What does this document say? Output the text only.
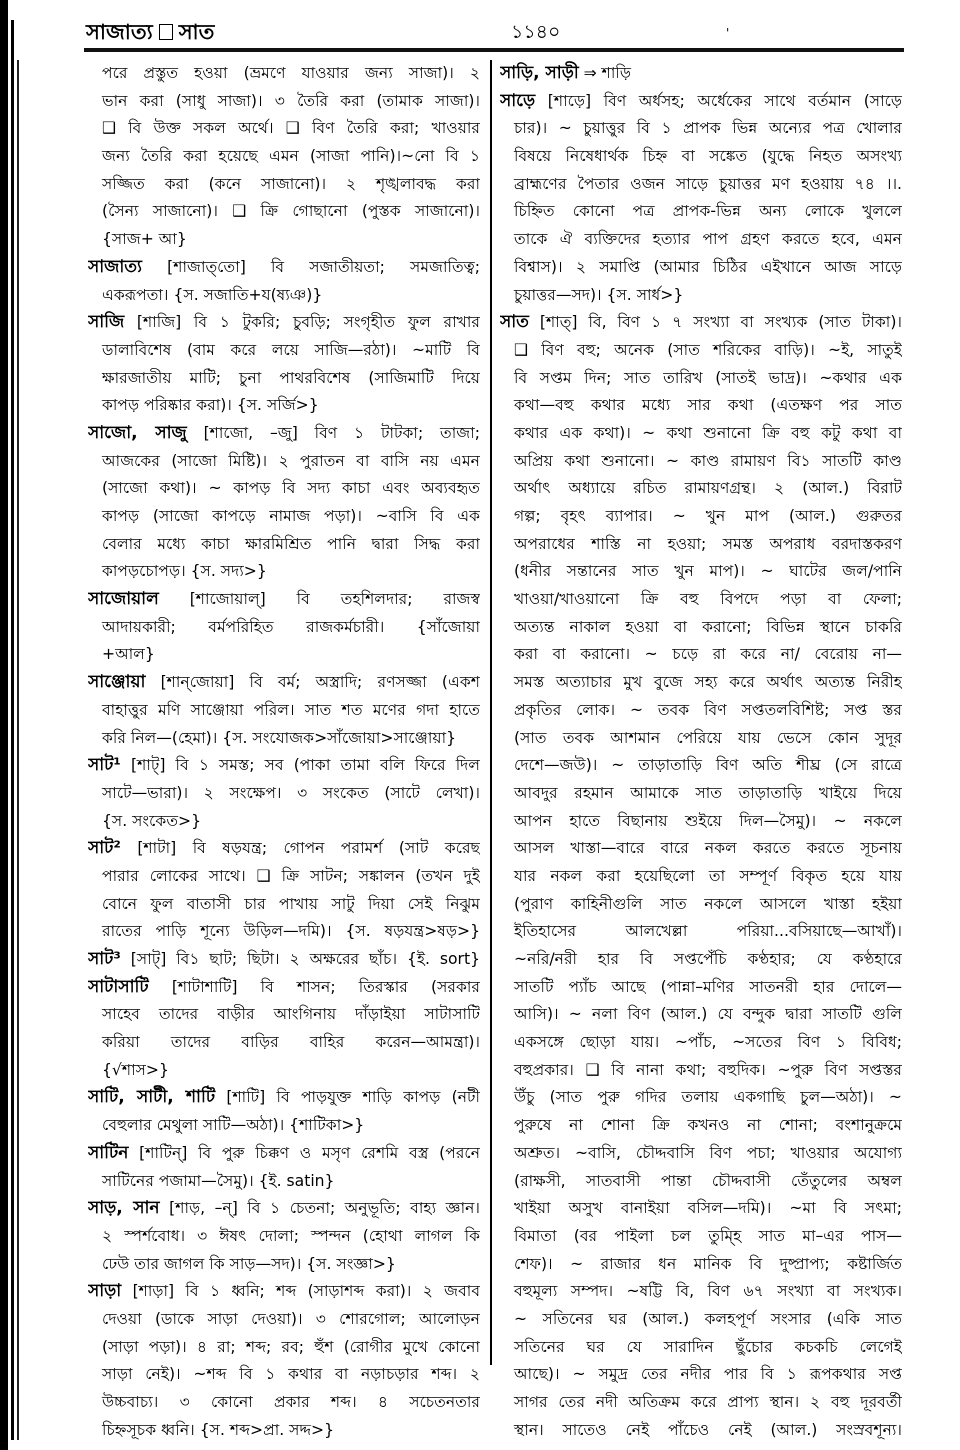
সাজাত্য সাত	১১৪০	'
পরে প্রস্তুত হওয়া (ভ্রমণে যাওয়ার জন্য সাজা)। ২
ভান করা (সাধু সাজা)। ৩ তৈরি করা (তামাক সাজা)।
❑ বি উক্ত সকল অর্থে। ❑ বিণ তৈরি করা; খাওয়ার
জন্য তৈরি করা হয়েছে এমন (সাজা পানি)।~নো বি ১
সজ্জিত করা (কনে সাজানো)। ২ শৃঙ্খলাবদ্ধ করা
(সৈন্য সাজানো)। ❑ ক্রি গোছানো (পুস্তক সাজানো)।
{সাজ+ আ}
সাজাত্য [শাজাত্‌তো] বি সজাতীয়তা; সমজাতিত্ব;
একরূপতা। {স. সজাতি+য(ষ্যঞ)}
সাজি [শাজি] বি ১ টুকরি; চুবড়ি; সংগৃহীত ফুল রাখার
ডালাবিশেষ (বাম করে লয়ে সাজি—রঠা)। ~মাটি বি
ক্ষারজাতীয় মাটি; চুনা পাথরবিশেষ (সাজিমাটি দিয়ে
কাপড় পরিষ্কার করা)। {স. সর্জি>}
সাজো, সাজু [শাজো, –জু] বিণ ১ টাটকা; তাজা;
আজকের (সাজো মিষ্টি)। ২ পুরাতন বা বাসি নয় এমন
(সাজো কথা)। ~ কাপড় বি সদ্য কাচা এবং অব্যবহৃত
কাপড় (সাজো কাপড়ে নামাজ পড়া)। ~বাসি বি এক
বেলার মধ্যে কাচা ক্ষারমিশ্রিত পানি দ্বারা সিদ্ধ করা
কাপড়চোপড়। {স. সদ্য>}
সাজোয়াল [শাজোয়াল্‌] বি তহশিলদার; রাজস্ব
আদায়কারী; বর্মপরিহিত রাজকর্মচারী। {সাঁজোয়া
+আল}
সাঞ্জোয়া [শান্‌জোয়া] বি বর্ম; অস্ত্রাদি; রণসজ্জা (একশ
বাহাত্তুর মণি সাঞ্জোয়া পরিল। সাত শত মণের গদা হাতে
করি নিল—(হেমা)। {স. সংযোজক>সাঁজোয়া>সাঞ্জোয়া}
সাট¹ [শাট্‌] বি ১ সমস্ত; সব (পাকা তামা বলি ফিরে দিল
সাটে—ভারা)। ২ সংক্ষেপ। ৩ সংকেত (সাটে লেখা)।
{স. সংকেত>}
সাট² [শাটা] বি ষড়যন্ত্র; গোপন পরামর্শ (সাট করেছ
পারার লোকের সাথে। ❑ ক্রি সাটন; সঙ্কালন (তখন দুই
বোনে ফুল বাতাসী চার পাখায় সাটু দিয়া সেই নিঝুম
রাতের পাড়ি শূন্যে উড়িল—দমি)। {স. ষড়যন্ত্র>ষড়>}
সাট³ [সাট্‌] বি১ ছাট; ছিটা। ২ অক্ষরের ছাঁচ। {ই. sort}
সাটাসাটি [শাটাশাটি] বি শাসন; তিরস্কার (সরকার
সাহেব তাদের বাড়ীর আংগিনায় দাঁড়াইয়া সাটাসাটি
করিয়া তাদের বাড়ির বাহির করেন—আমন্ত্রা)।
{√শাস>}
সাটি, সাটী, শাটি [শাটি] বি পাড়যুক্ত শাড়ি কাপড় (নটী
বেহুলার মেথুলা সাটি—অঠা)। {শাটিকা>}
সাটিন [শাটিন্‌] বি পুরু চিক্কণ ও মসৃণ রেশমি বস্ত্র (পরনে
সাটিনের পজামা—সৈমু)। {ই. satin}
সাড়, সান [শাড়, –ন্‌] বি ১ চেতনা; অনুভূতি; বাহ্য জ্ঞান।
২ স্পর্শবোধ। ৩ ঈষৎ দোলা; স্পন্দন (হোথা লাগল কি
ঢেউ তার জাগল কি সাড়—সদ)। {স. সংজ্ঞা>}
সাড়া [শাড়া] বি ১ ধ্বনি; শব্দ (সাড়াশব্দ করা)। ২ জবাব
দেওয়া (ডাকে সাড়া দেওয়া)। ৩ শোরগোল; আলোড়ন
(সাড়া পড়া)। ৪ রা; শব্দ; রব; হুঁশ (রোগীর মুখে কোনো
সাড়া নেই)। ~শব্দ বি ১ কথার বা নড়াচড়ার শব্দ। ২
উচ্চবাচ্য। ৩ কোনো প্রকার শব্দ। ৪ সচেতনতার
চিহ্নসূচক ধ্বনি। {স. শব্দ>প্রা. সদ্দ>}
সাড়ি, সাড়ী ⇒ শাড়ি
সাড়ে [শাড়ে] বিণ অর্ধসহ; অর্ধেকের সাথে বর্তমান (সাড়ে
চার)। ~ চুয়াত্তুর বি ১ প্রাপক ভিন্ন অন্যের পত্র খোলার
বিষয়ে নিষেধার্থক চিহ্ন বা সঙ্কেত (যুদ্ধে নিহত অসংখ্য
ব্রাহ্মণের পৈতার ওজন সাড়ে চুয়াত্তর মণ হওয়ায় ৭৪ ।।.
চিহ্নিত কোনো পত্র প্রাপক-ভিন্ন অন্য লোকে খুললে
তাকে ঐ ব্যক্তিদের হত্যার পাপ গ্রহণ করতে হবে, এমন
বিশ্বাস)। ২ সমাপ্তি (আমার চিঠির এইখানে আজ সাড়ে
চুয়াত্তর—সদ)। {স. সার্ধ>}
সাত [শাত্‌] বি, বিণ ১ ৭ সংখ্যা বা সংখ্যক (সাত টাকা)।
❑ বিণ বহু; অনেক (সাত শরিকের বাড়ি)। ~ই, সাতুই
বি সপ্তম দিন; সাত তারিখ (সাতই ভাদ্র)। ~কথার এক
কথা—বহু কথার মধ্যে সার কথা (এতক্ষণ পর সাত
কথার এক কথা)। ~ কথা শুনানো ক্রি বহু কটু কথা বা
অপ্রিয় কথা শুনানো। ~ কাণ্ড রামায়ণ বি১ সাতটি কাণ্ড
অর্থাৎ অধ্যায়ে রচিত রামায়ণগ্রন্থ। ২ (আল.) বিরাট
গল্প; বৃহৎ ব্যাপার। ~ খুন মাপ (আল.) গুরুতর
অপরাধের শাস্তি না হওয়া; সমস্ত অপরাধ বরদাস্তকরণ
(ধনীর সন্তানের সাত খুন মাপ)। ~ ঘাটের জল/পানি
খাওয়া/খাওয়ানো ক্রি বহু বিপদে পড়া বা ফেলা;
অত্যন্ত নাকাল হওয়া বা করানো; বিভিন্ন স্থানে চাকরি
করা বা করানো। ~ চড়ে রা করে না/ বেরোয় না—
সমস্ত অত্যাচার মুখ বুজে সহ্য করে অর্থাৎ অত্যন্ত নিরীহ
প্রকৃতির লোক। ~ তবক বিণ সপ্ততলবিশিষ্ট; সপ্ত স্তর
(সাত তবক আশমান পেরিয়ে যায় ভেসে কোন সুদূর
দেশে—জউ)। ~ তাড়াতাড়ি বিণ অতি শীঘ্র (সে রাত্রে
আবদুর রহমান আমাকে সাত তাড়াতাড়ি খাইয়ে দিয়ে
আপন হাতে বিছানায় শুইয়ে দিল—সৈমু)। ~ নকলে
আসল খাস্তা—বারে বারে নকল করতে করতে সূচনায়
যার নকল করা হয়েছিলো তা সম্পূর্ণ বিকৃত হয়ে যায়
(পুরাণ কাহিনীগুলি সাত নকলে আসলে খাস্তা হইয়া
ইতিহাসের আলখেল্লা পরিয়া...বসিয়াছে—আখাঁ)।
~নরি/নরী হার বি সপ্তপেঁচি কণ্ঠহার; যে কণ্ঠহারে
সাতটি প্যাঁচ আছে (পান্না–মণির সাতনরী হার দোলে—
আসি)। ~ নলা বিণ (আল.) যে বন্দুক দ্বারা সাতটি গুলি
একসঙ্গে ছোড়া যায়। ~পাঁচ, ~সতের বিণ ১ বিবিধ;
বহুপ্রকার। ❑ বি নানা কথা; বহুদিক। ~পুরু বিণ সপ্তস্তর
উঁচু (সাত পুরু গদির তলায় একগাছি চুল—অঠা)। ~
পুরুষে না শোনা ক্রি কখনও না শোনা; বংশানুক্রমে
অশ্রুত। ~বাসি, চৌদ্দবাসি বিণ পচা; খাওয়ার অযোগ্য
(রাক্ষসী, সাতবাসী পান্তা চৌদ্দবাসী তেঁতুলের অম্বল
খাইয়া অসুখ বানাইয়া বসিল—দমি)। ~মা বি সৎমা;
বিমাতা (বর পাইলা চল তুম্হি সাত মা–এর পাস—
শেফ)। ~ রাজার ধন মানিক বি দুষ্প্রাপ্য; কষ্টার্জিত
বহুমূল্য সম্পদ। ~ষট্টি বি, বিণ ৬৭ সংখ্যা বা সংখ্যক।
~ সতিনের ঘর (আল.) কলহপূর্ণ সংসার (একি সাত
সতিনের ঘর যে সারাদিন ছুঁচোর কচকচি লেগেই
আছে)। ~ সমুদ্র তের নদীর পার বি ১ রূপকথার সপ্ত
সাগর তের নদী অতিক্রম করে প্রাপ্য স্থান। ২ বহু দূরবর্তী
স্থান। সাতেও নেই পাঁচেও নেই (আল.) সংস্রবশূন্য।
